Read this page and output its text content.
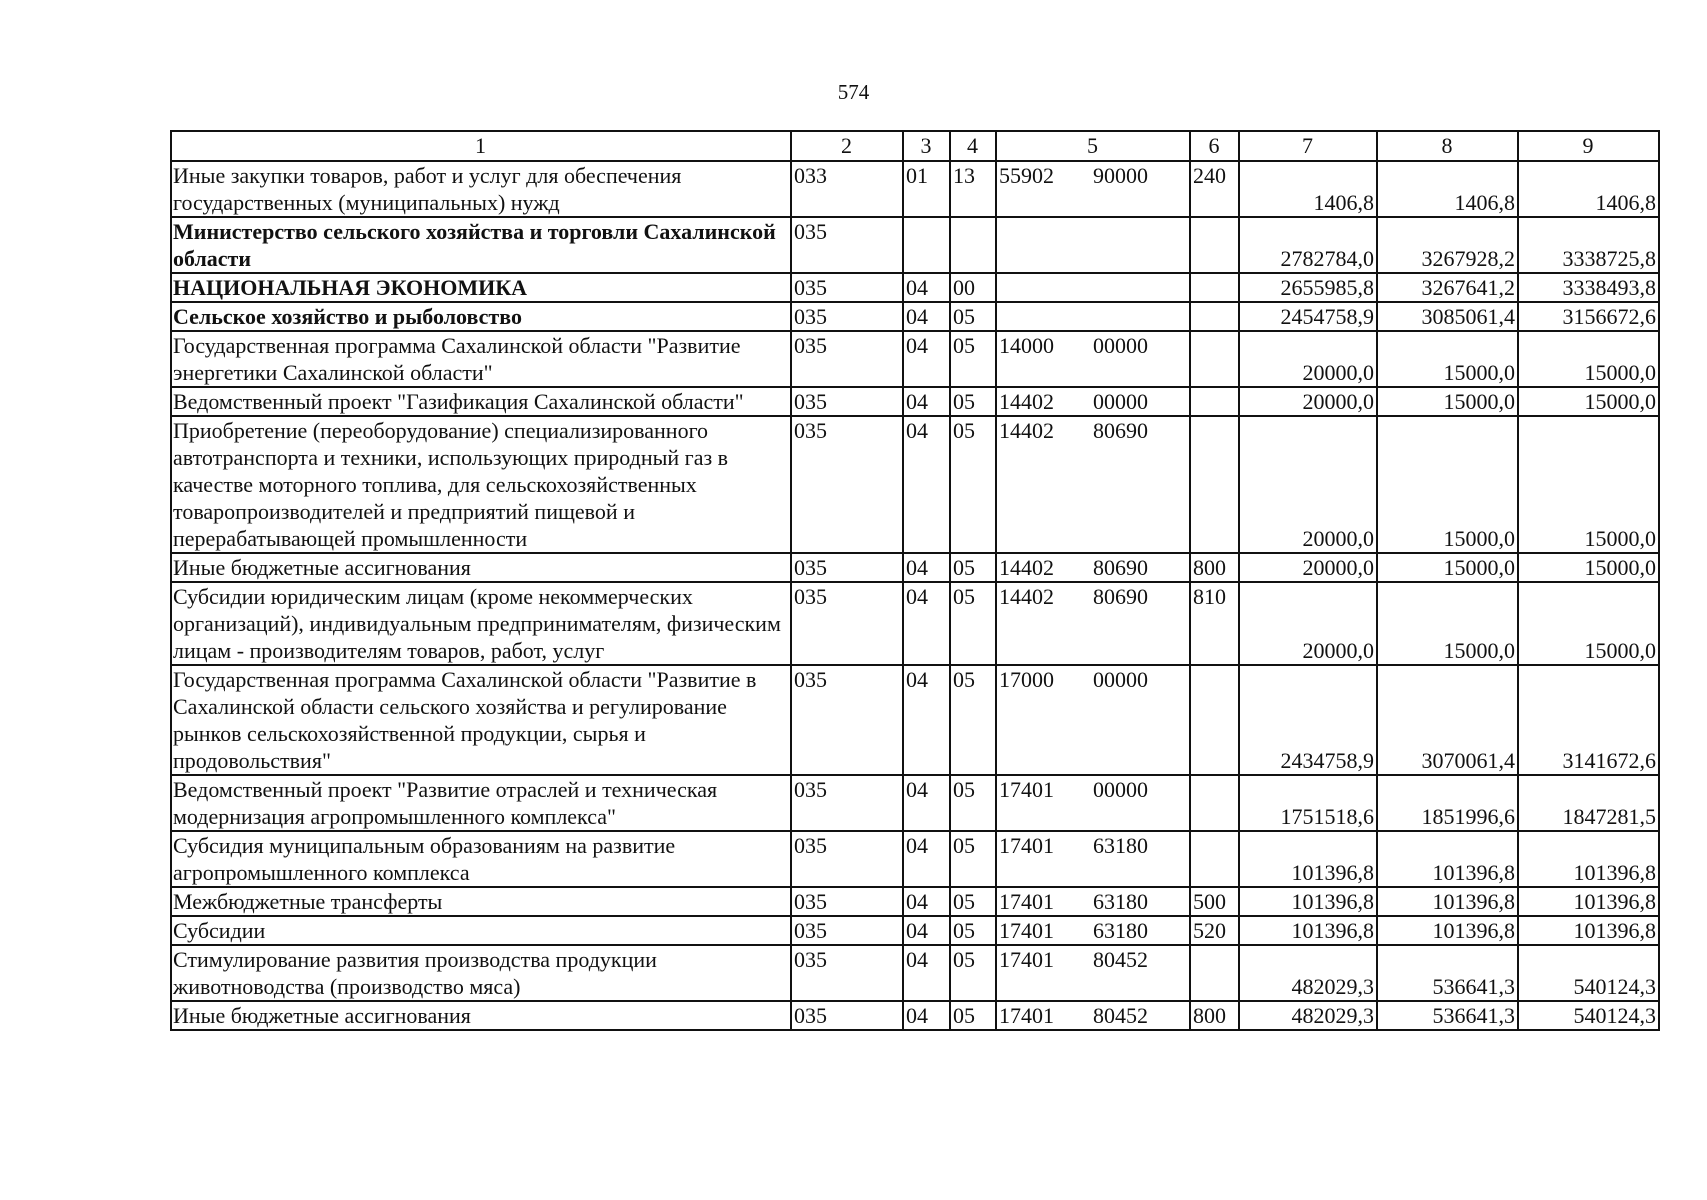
574
1	2	3	4	5	6	7	8	9
Иные закупки товаров, работ и услуг для обеспечения государственных (муниципальных) нужд	033	01	13	55902 90000	240	1406,8	1406,8	1406,8
Министерство сельского хозяйства и торговли Сахалинской области	035					2782784,0	3267928,2	3338725,8
НАЦИОНАЛЬНАЯ ЭКОНОМИКА	035	04	00			2655985,8	3267641,2	3338493,8
Сельское хозяйство и рыболовство	035	04	05			2454758,9	3085061,4	3156672,6
Государственная программа Сахалинской области "Развитие энергетики Сахалинской области"	035	04	05	14000 00000		20000,0	15000,0	15000,0
Ведомственный проект "Газификация Сахалинской области"	035	04	05	14402 00000		20000,0	15000,0	15000,0
Приобретение (переоборудование) специализированного автотранспорта и техники, использующих природный газ в качестве моторного топлива, для сельскохозяйственных товаропроизводителей и предприятий пищевой и перерабатывающей промышленности	035	04	05	14402 80690		20000,0	15000,0	15000,0
Иные бюджетные ассигнования	035	04	05	14402 80690	800	20000,0	15000,0	15000,0
Субсидии юридическим лицам (кроме некоммерческих организаций), индивидуальным предпринимателям, физическим лицам - производителям товаров, работ, услуг	035	04	05	14402 80690	810	20000,0	15000,0	15000,0
Государственная программа Сахалинской области "Развитие в Сахалинской области сельского хозяйства и регулирование рынков сельскохозяйственной продукции, сырья и продовольствия"	035	04	05	17000 00000		2434758,9	3070061,4	3141672,6
Ведомственный проект "Развитие отраслей и техническая модернизация агропромышленного комплекса"	035	04	05	17401 00000		1751518,6	1851996,6	1847281,5
Субсидия муниципальным образованиям на развитие агропромышленного комплекса	035	04	05	17401 63180		101396,8	101396,8	101396,8
Межбюджетные трансферты	035	04	05	17401 63180	500	101396,8	101396,8	101396,8
Субсидии	035	04	05	17401 63180	520	101396,8	101396,8	101396,8
Стимулирование развития производства продукции животноводства (производство мяса)	035	04	05	17401 80452		482029,3	536641,3	540124,3
Иные бюджетные ассигнования	035	04	05	17401 80452	800	482029,3	536641,3	540124,3
